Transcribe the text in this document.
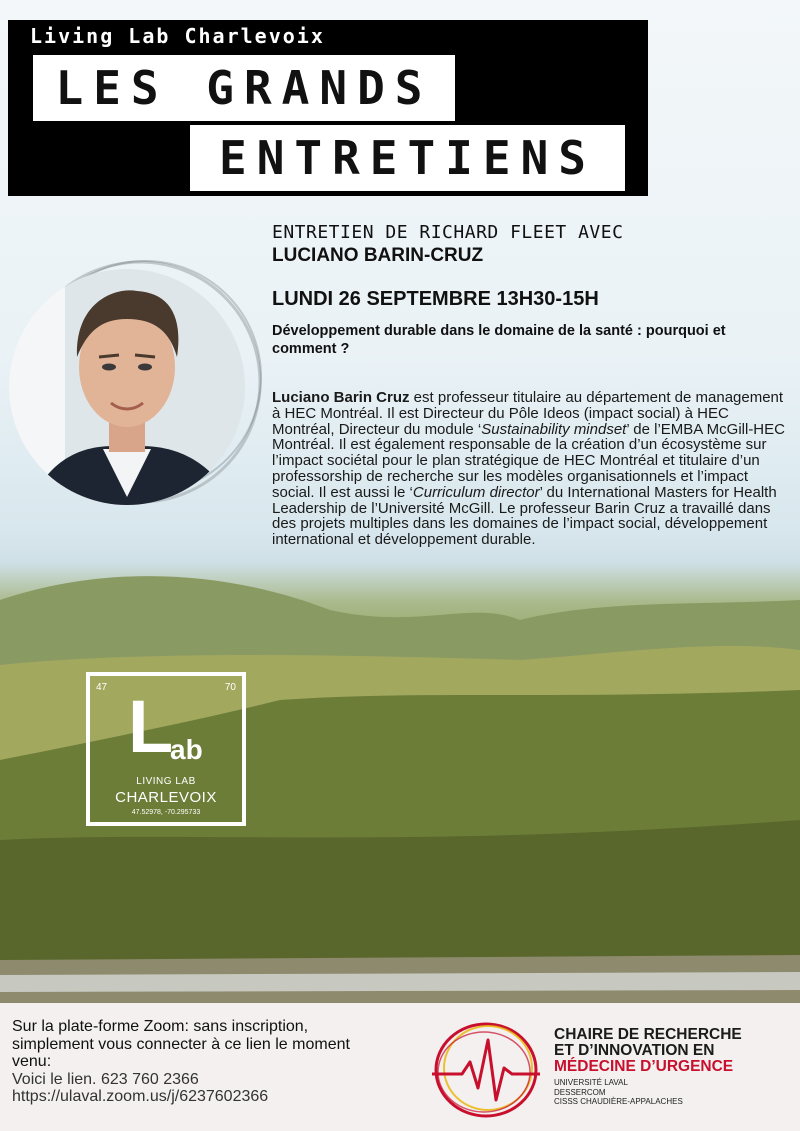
Living Lab Charlevoix
LES GRANDS
ENTRETIENS
ENTRETIEN DE RICHARD FLEET AVEC
LUCIANO BARIN-CRUZ
LUNDI 26 SEPTEMBRE 13H30-15H
Développement durable dans le domaine de la santé : pourquoi et comment ?
Luciano Barin Cruz est professeur titulaire au département de management à HEC Montréal. Il est Directeur du Pôle Ideos (impact social) à HEC Montréal, Directeur du module ‘Sustainability mindset’ de l’EMBA McGill-HEC Montréal. Il est également responsable de la création d’un écosystème sur l’impact sociétal pour le plan stratégique de HEC Montréal et titulaire d’un professorship de recherche sur les modèles organisationnels et l’impact social. Il est aussi le ‘Curriculum director’ du International Masters for Health Leadership de l’Université McGill. Le professeur Barin Cruz a travaillé dans des projets multiples dans les domaines de l’impact social, développement international et développement durable.
47	70
L
ab
LIVING LAB
CHARLEVOIX
47.52978, -70.295733
Sur la plate-forme Zoom: sans inscription, simplement vous connecter à ce lien le moment venu:
Voici le lien. 623 760 2366
https://ulaval.zoom.us/j/6237602366
CHAIRE DE RECHERCHE
ET D’INNOVATION EN
MÉDECINE D’URGENCE
UNIVERSITÉ LAVAL
DESSERCOM
CISSS CHAUDIÈRE-APPALACHES
